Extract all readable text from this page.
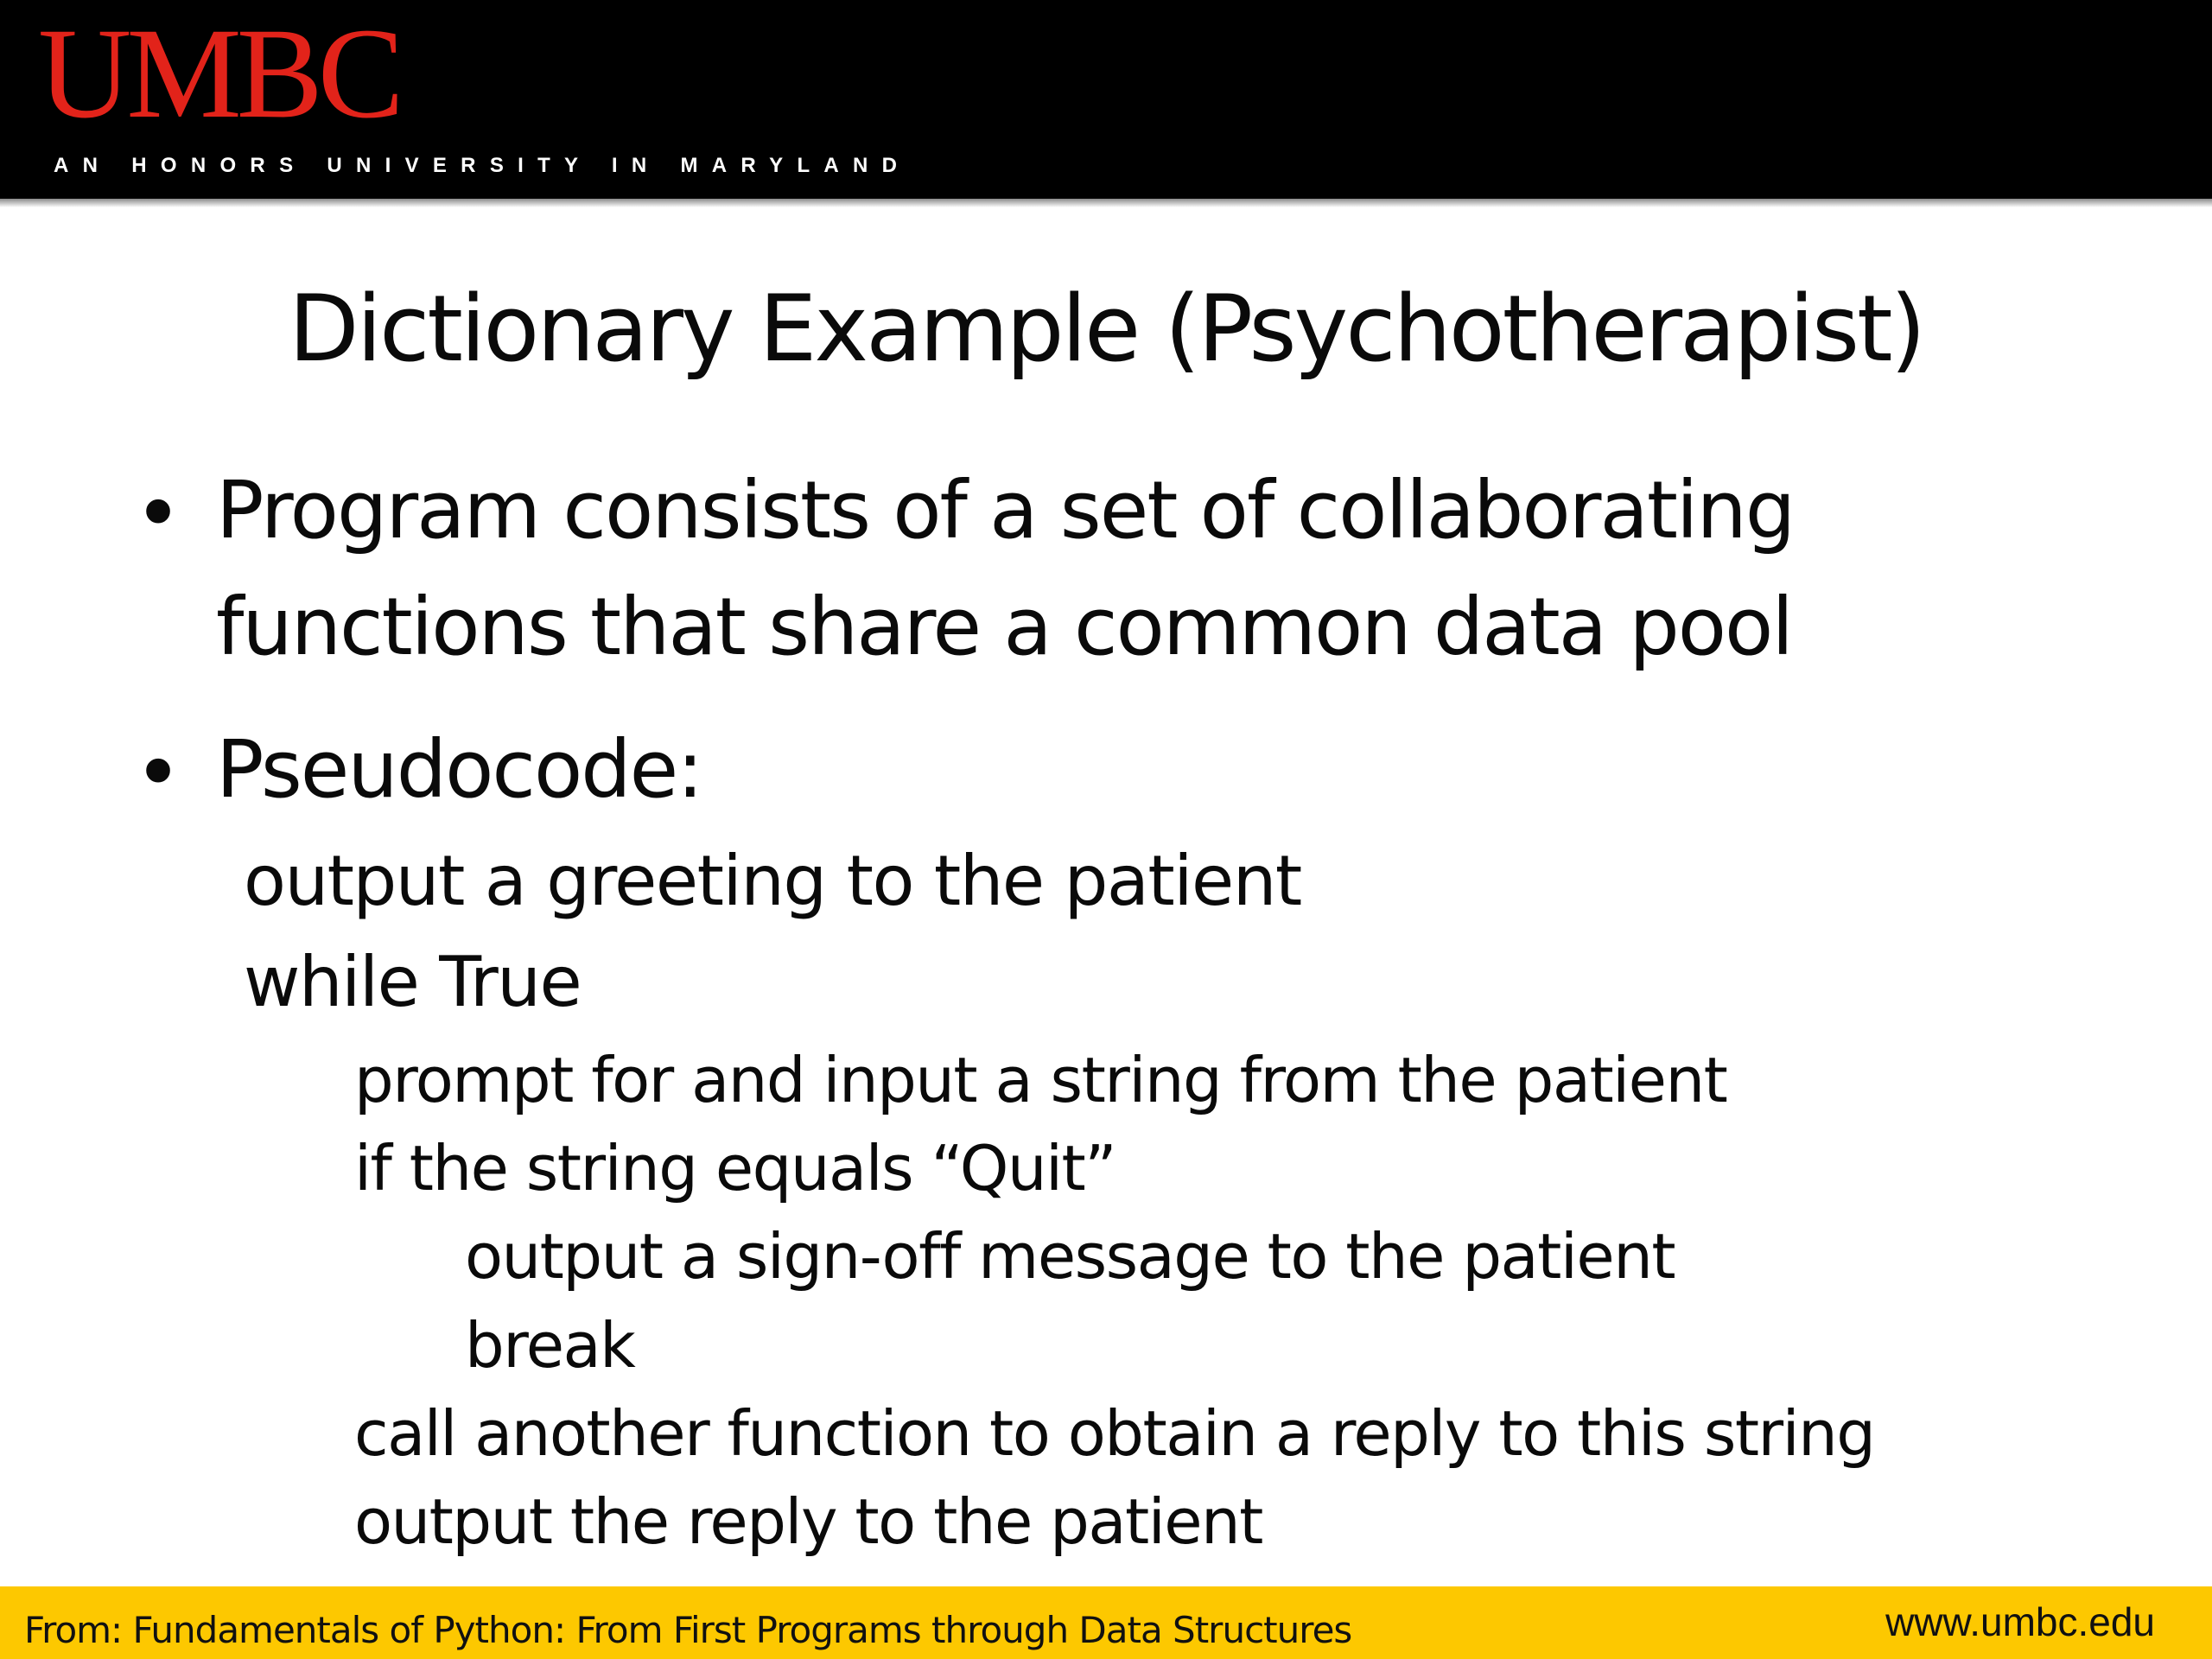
UMBC
AN HONORS UNIVERSITY IN MARYLAND
Dictionary Example (Psychotherapist)
• Program consists of a set of collaborating
functions that share a common data pool
• Pseudocode:
output a greeting to the patient
while True
prompt for and input a string from the patient
if the string equals “Quit”
output a sign-off message to the patient
break
call another function to obtain a reply to this string
output the reply to the patient
From: Fundamentals of Python: From First Programs through Data Structures	www.umbc.edu
